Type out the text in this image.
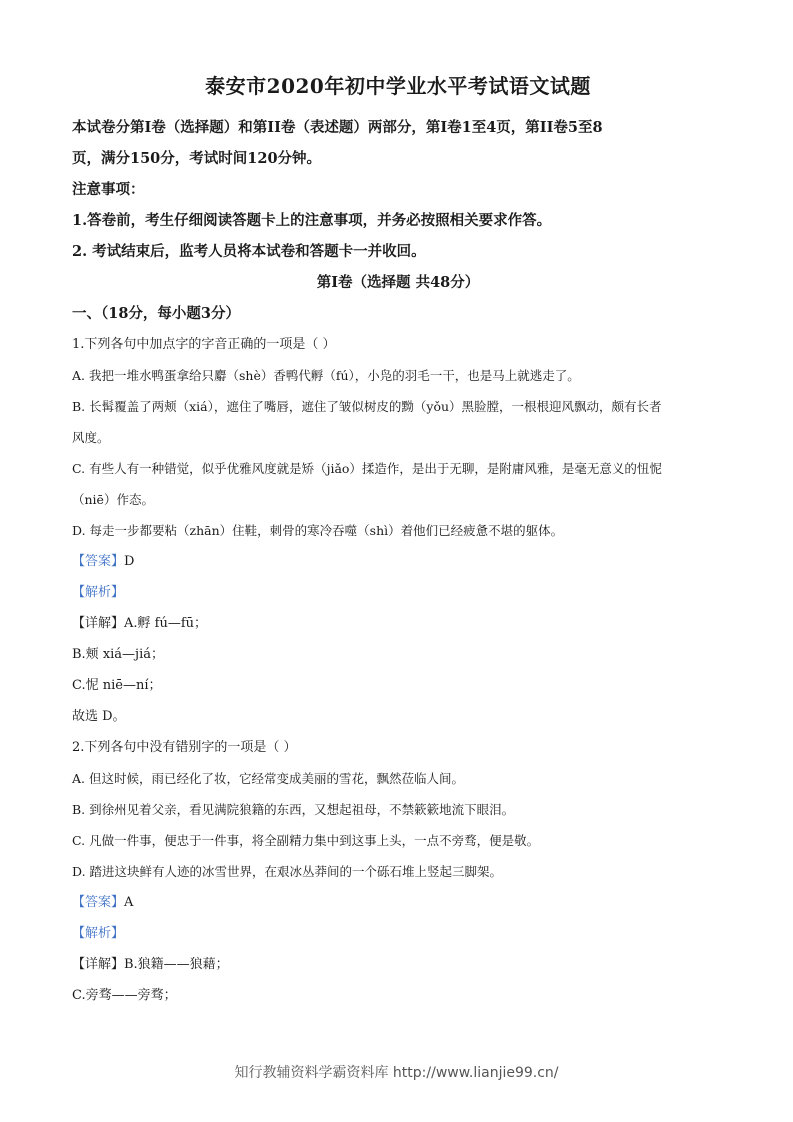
泰安市2020年初中学业水平考试语文试题

本试卷分第Ⅰ卷（选择题）和第II卷（表述题）两部分，第Ⅰ卷1至4页，第II卷5至8

页，满分150分，考试时间120分钟。

注意事项：

1.答卷前，考生仔细阅读答题卡上的注意事项，并务必按照相关要求作答。

2. 考试结束后，监考人员将本试卷和答题卡一并收回。

第Ⅰ卷（选择题 共48分）

一、（18分，每小题3分）

1.下列各句中加点字的字音正确的一项是（ ）

A. 我把一堆水鸭蛋拿给只麝（shè）香鸭代孵（fú），小凫的羽毛一干，也是马上就逃走了。

B. 长髯覆盖了两颊（xiá），遮住了嘴唇，遮住了皱似树皮的黝（yǒu）黑脸膛，一根根迎风飘动，颇有长者

风度。

C. 有些人有一种错觉，似乎优雅风度就是矫（jiǎo）揉造作，是出于无聊，是附庸风雅，是毫无意义的忸怩

（niē）作态。

D. 每走一步都要粘（zhān）住鞋，刺骨的寒冷吞噬（shì）着他们已经疲惫不堪的躯体。

【答案】D

【解析】

【详解】A.孵 fú—fū；

B.颊 xiá—jiá；

C.怩 niē—ní；

故选 D。

2.下列各句中没有错别字的一项是（ ）

A. 但这时候，雨已经化了妆，它经常变成美丽的雪花，飘然莅临人间。

B. 到徐州见着父亲，看见满院狼籍的东西，又想起祖母，不禁簌簌地流下眼泪。

C. 凡做一件事，便忠于一件事，将全副精力集中到这事上头，一点不旁骛，便是敬。

D. 踏进这块鲜有人迹的冰雪世界，在艰冰丛莽间的一个砾石堆上竖起三脚架。

【答案】A

【解析】

【详解】B.狼籍——狼藉；

C.旁骛——旁骛；

知行教辅资料学霸资料库 http://www.lianjie99.cn/
